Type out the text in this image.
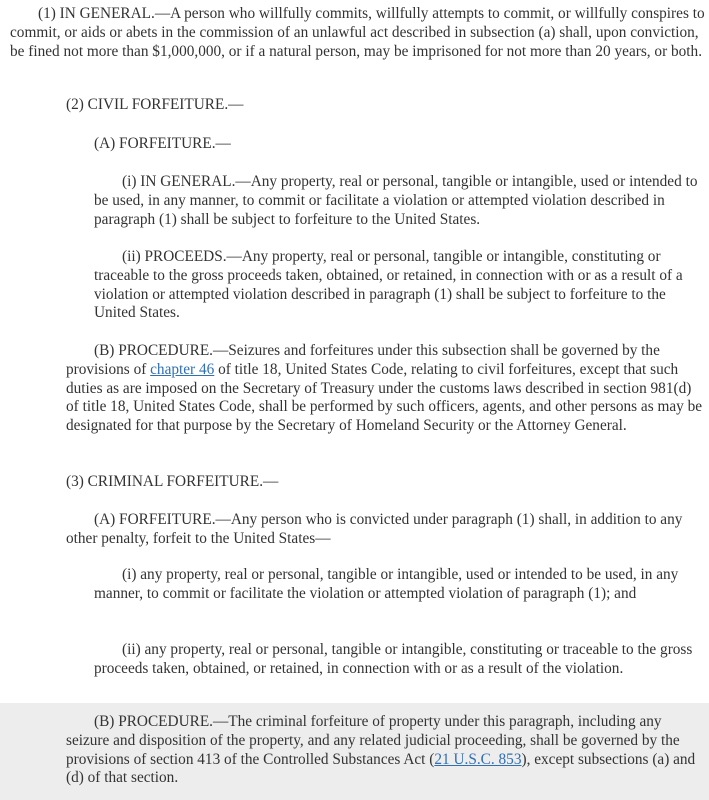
(1) IN GENERAL.—A person who willfully commits, willfully attempts to commit, or willfully conspires to commit, or aids or abets in the commission of an unlawful act described in subsection (a) shall, upon conviction, be fined not more than $1,000,000, or if a natural person, may be imprisoned for not more than 20 years, or both.

(2) CIVIL FORFEITURE.—

(A) FORFEITURE.—

(i) IN GENERAL.—Any property, real or personal, tangible or intangible, used or intended to be used, in any manner, to commit or facilitate a violation or attempted violation described in paragraph (1) shall be subject to forfeiture to the United States.

(ii) PROCEEDS.—Any property, real or personal, tangible or intangible, constituting or traceable to the gross proceeds taken, obtained, or retained, in connection with or as a result of a violation or attempted violation described in paragraph (1) shall be subject to forfeiture to the United States.

(B) PROCEDURE.—Seizures and forfeitures under this subsection shall be governed by the provisions of chapter 46 of title 18, United States Code, relating to civil forfeitures, except that such duties as are imposed on the Secretary of Treasury under the customs laws described in section 981(d) of title 18, United States Code, shall be performed by such officers, agents, and other persons as may be designated for that purpose by the Secretary of Homeland Security or the Attorney General.

(3) CRIMINAL FORFEITURE.—

(A) FORFEITURE.—Any person who is convicted under paragraph (1) shall, in addition to any other penalty, forfeit to the United States—

(i) any property, real or personal, tangible or intangible, used or intended to be used, in any manner, to commit or facilitate the violation or attempted violation of paragraph (1); and

(ii) any property, real or personal, tangible or intangible, constituting or traceable to the gross proceeds taken, obtained, or retained, in connection with or as a result of the violation.

(B) PROCEDURE.—The criminal forfeiture of property under this paragraph, including any seizure and disposition of the property, and any related judicial proceeding, shall be governed by the provisions of section 413 of the Controlled Substances Act (21 U.S.C. 853), except subsections (a) and (d) of that section.
